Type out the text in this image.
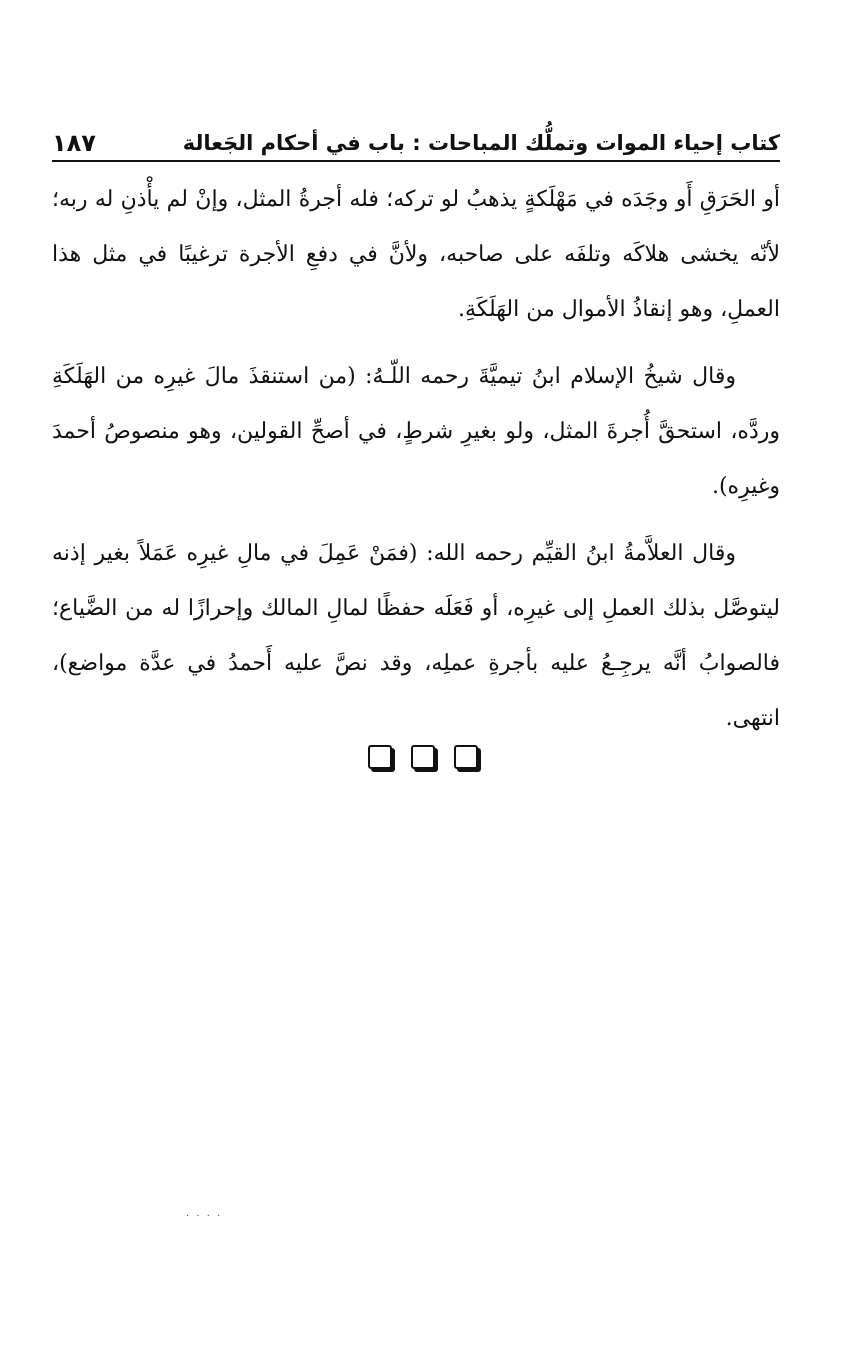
كتاب إحياء الموات وتملُّك المباحات : باب في أحكام الجَعالة
١٨٧

أو الحَرَقِ أَو وجَدَه في مَهْلَكةٍ يذهبُ لو تركه؛ فله أجرةُ المثل، وإنْ لم يأْذنِ له ربه؛ لأنّه يخشى هلاكَه وتلفَه على صاحبه، ولأنَّ في دفعِ الأجرة ترغيبًا في مثل هذا العملِ، وهو إنقاذُ الأموال من الهَلَكَةِ.

وقال شيخُ الإسلام ابنُ تيميَّةَ رحمه اللّـهُ: (من استنقذَ مالَ غيرِه من الهَلَكَةِ وردَّه، استحقَّ أُجرةَ المثل، ولو بغيرِ شرطٍ، في أصحِّ القولين، وهو منصوصُ أحمدَ وغيرِه).

وقال العلاَّمةُ ابنُ القيِّم رحمه الله: (فمَنْ عَمِلَ في مالِ غيرِه عَمَلاً بغير إذنه ليتوصَّل بذلك العملِ إلى غيرِه، أو فَعَلَه حفظًا لمالِ المالك وإحرازًا له من الضَّياع؛ فالصوابُ أنَّه يرجِـعُ عليه بأجرةِ عملِه، وقد نصَّ عليه أَحمدُ في عدَّة مواضع)، انتهى.

· · · ·
